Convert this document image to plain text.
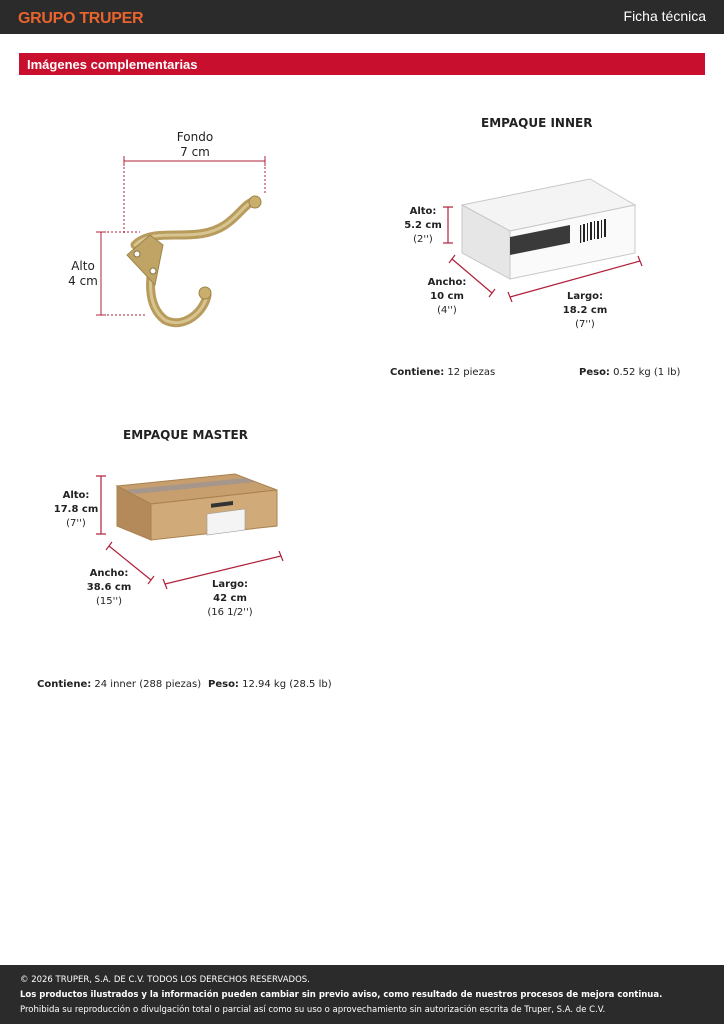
GRUPO TRUPER	Ficha técnica
Imágenes complementarias
Fondo
7 cm
Alto
4 cm
EMPAQUE INNER
Alto:
5.2 cm
(2'')
Ancho:
10 cm
(4'')
Largo:
18.2 cm
(7'')
Contiene: 12 piezas	Peso: 0.52 kg (1 lb)
EMPAQUE MASTER
Alto:
17.8 cm
(7'')
Ancho:
38.6 cm
(15'')
Largo:
42 cm
(16 1/2'')
Contiene: 24 inner (288 piezas) Peso: 12.94 kg (28.5 lb)
© 2026 TRUPER, S.A. DE C.V. TODOS LOS DERECHOS RESERVADOS.
Los productos ilustrados y la información pueden cambiar sin previo aviso, como resultado de nuestros procesos de mejora continua.
Prohibida su reproducción o divulgación total o parcial así como su uso o aprovechamiento sin autorización escrita de Truper, S.A. de C.V.
